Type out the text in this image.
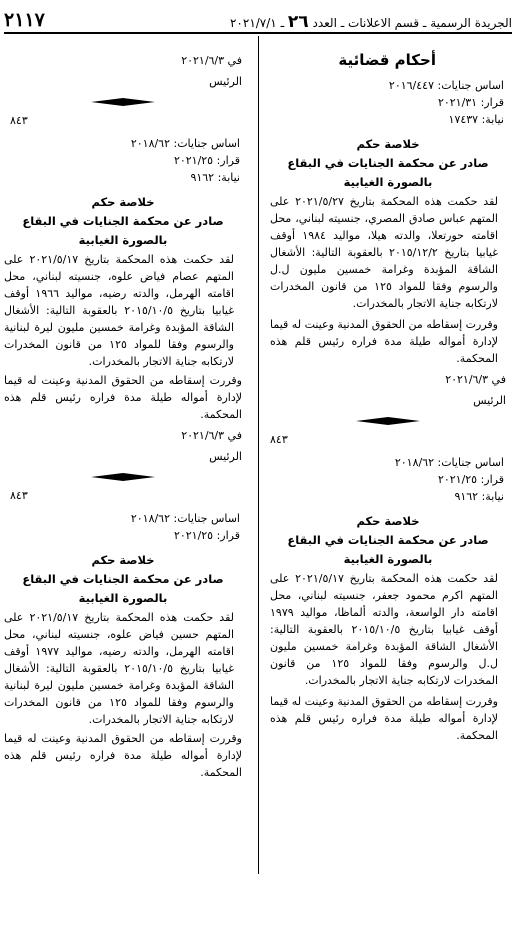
٢١١٧	الجريدة الرسمية ـ قسم الاعلانات ـ العدد ٢٦ ـ ٢٠٢١/٧/١
أحكام قضائية

اساس جنايات: ٢٠١٦/٤٤٧

قرار: ٢٠٢١/٣١

نيابة: ١٧٤٣٧

خلاصة حكم

صادر عن محكمة الجنايات في البقاع

بالصورة الغيابية

لقد حكمت هذه المحكمة بتاريخ ٢٠٢١/٥/٢٧ على المتهم عباس صادق المصري، جنسيته لبناني، محل اقامته حورتعلا، والدته هيلا، مواليد ١٩٨٤ أوقف غيابيا بتاريخ ٢٠١٥/١٢/٢ بالعقوبة التالية: الأشغال الشاقة المؤبدة وغرامة خمسين مليون ل.ل والرسوم وفقا للمواد ١٢٥ من قانون المخدرات لارتكابه جناية الاتجار بالمخدرات.

وقررت إسقاطه من الحقوق المدنية وعينت له قيما لإدارة أمواله طيلة مدة فراره رئيس قلم هذه المحكمة.

في ٢٠٢١/٦/٣

الرئيس

٨٤٣

اساس جنايات: ٢٠١٨/٦٢

قرار: ٢٠٢١/٢٥

نيابة: ٩١٦٢

خلاصة حكم

صادر عن محكمة الجنايات في البقاع

بالصورة الغيابية

لقد حكمت هذه المحكمة بتاريخ ٢٠٢١/٥/١٧ على المتهم اكرم محمود جعفر، جنسيته لبناني، محل اقامته دار الواسعة، والدته ألماظا، مواليد ١٩٧٩ أوقف غيابيا بتاريخ ٢٠١٥/١٠/٥ بالعقوبة التالية: الأشغال الشاقة المؤبدة وغرامة خمسين مليون ل.ل والرسوم وفقا للمواد ١٢٥ من قانون المخدرات لارتكابه جناية الاتجار بالمخدرات.

وقررت إسقاطه من الحقوق المدنية وعينت له قيما لإدارة أمواله طيلة مدة فراره رئيس قلم هذه المحكمة.

في ٢٠٢١/٦/٣

الرئيس

٨٤٣

اساس جنايات: ٢٠١٨/٦٢

قرار: ٢٠٢١/٢٥

نيابة: ٩١٦٢

خلاصة حكم

صادر عن محكمة الجنايات في البقاع

بالصورة الغيابية

لقد حكمت هذه المحكمة بتاريخ ٢٠٢١/٥/١٧ على المتهم عصام فياض علوه، جنسيته لبناني، محل اقامته الهرمل، والدته رضيه، مواليد ١٩٦٦ أوقف غيابيا بتاريخ ٢٠١٥/١٠/٥ بالعقوبة التالية: الأشغال الشاقة المؤبدة وغرامة خمسين مليون ليرة لبنانية والرسوم وفقا للمواد ١٢٥ من قانون المخدرات لارتكابه جناية الاتجار بالمخدرات.

وقررت إسقاطه من الحقوق المدنية وعينت له قيما لإدارة أمواله طيلة مدة فراره رئيس قلم هذه المحكمة.

في ٢٠٢١/٦/٣

الرئيس

٨٤٣

اساس جنايات: ٢٠١٨/٦٢

قرار: ٢٠٢١/٢٥

خلاصة حكم

صادر عن محكمة الجنايات في البقاع

بالصورة الغيابية

لقد حكمت هذه المحكمة بتاريخ ٢٠٢١/٥/١٧ على المتهم حسين فياض علوه، جنسيته لبناني، محل اقامته الهرمل، والدته رضيه، مواليد ١٩٧٧ أوقف غيابيا بتاريخ ٢٠١٥/١٠/٥ بالعقوبة التالية: الأشغال الشاقة المؤبدة وغرامة خمسين مليون ليرة لبنانية والرسوم وفقا للمواد ١٢٥ من قانون المخدرات لارتكابه جناية الاتجار بالمخدرات.

وقررت إسقاطه من الحقوق المدنية وعينت له قيما لإدارة أمواله طيلة مدة فراره رئيس قلم هذه المحكمة.
